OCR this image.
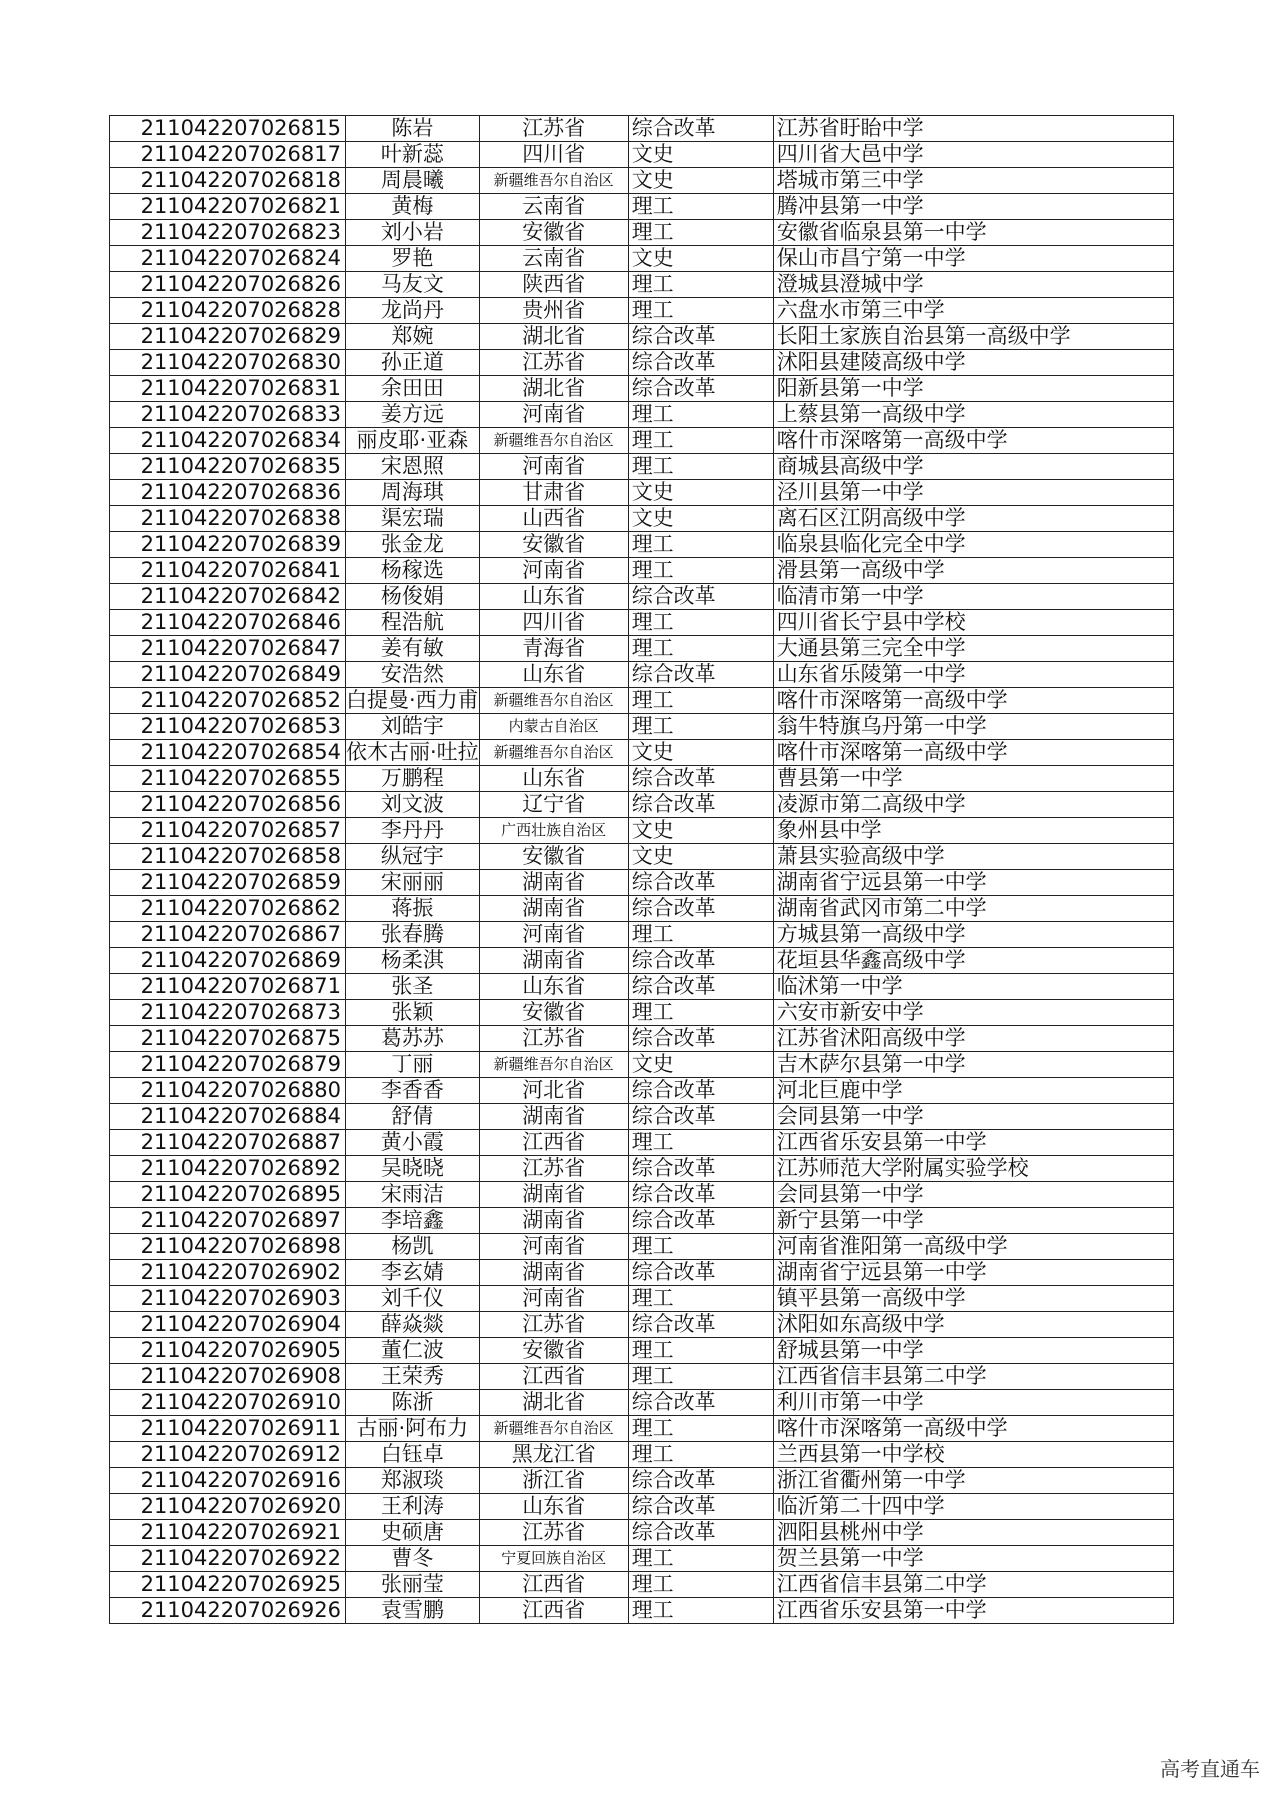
211042207026815	陈岩	江苏省	综合改革	江苏省盱眙中学
211042207026817	叶新蕊	四川省	文史	四川省大邑中学
211042207026818	周晨曦	新疆维吾尔自治区	文史	塔城市第三中学
211042207026821	黄梅	云南省	理工	腾冲县第一中学
211042207026823	刘小岩	安徽省	理工	安徽省临泉县第一中学
211042207026824	罗艳	云南省	文史	保山市昌宁第一中学
211042207026826	马友文	陕西省	理工	澄城县澄城中学
211042207026828	龙尚丹	贵州省	理工	六盘水市第三中学
211042207026829	郑婉	湖北省	综合改革	长阳土家族自治县第一高级中学
211042207026830	孙正道	江苏省	综合改革	沭阳县建陵高级中学
211042207026831	余田田	湖北省	综合改革	阳新县第一中学
211042207026833	姜方远	河南省	理工	上蔡县第一高级中学
211042207026834	丽皮耶·亚森	新疆维吾尔自治区	理工	喀什市深喀第一高级中学
211042207026835	宋恩照	河南省	理工	商城县高级中学
211042207026836	周海琪	甘肃省	文史	泾川县第一中学
211042207026838	渠宏瑞	山西省	文史	离石区江阴高级中学
211042207026839	张金龙	安徽省	理工	临泉县临化完全中学
211042207026841	杨稼选	河南省	理工	滑县第一高级中学
211042207026842	杨俊娟	山东省	综合改革	临清市第一中学
211042207026846	程浩航	四川省	理工	四川省长宁县中学校
211042207026847	姜有敏	青海省	理工	大通县第三完全中学
211042207026849	安浩然	山东省	综合改革	山东省乐陵第一中学
211042207026852	白提曼·西力甫	新疆维吾尔自治区	理工	喀什市深喀第一高级中学
211042207026853	刘皓宇	内蒙古自治区	理工	翁牛特旗乌丹第一中学
211042207026854	依木古丽·吐拉	新疆维吾尔自治区	文史	喀什市深喀第一高级中学
211042207026855	万鹏程	山东省	综合改革	曹县第一中学
211042207026856	刘文波	辽宁省	综合改革	凌源市第二高级中学
211042207026857	李丹丹	广西壮族自治区	文史	象州县中学
211042207026858	纵冠宇	安徽省	文史	萧县实验高级中学
211042207026859	宋丽丽	湖南省	综合改革	湖南省宁远县第一中学
211042207026862	蒋振	湖南省	综合改革	湖南省武冈市第二中学
211042207026867	张春腾	河南省	理工	方城县第一高级中学
211042207026869	杨柔淇	湖南省	综合改革	花垣县华鑫高级中学
211042207026871	张圣	山东省	综合改革	临沭第一中学
211042207026873	张颖	安徽省	理工	六安市新安中学
211042207026875	葛苏苏	江苏省	综合改革	江苏省沭阳高级中学
211042207026879	丁丽	新疆维吾尔自治区	文史	吉木萨尔县第一中学
211042207026880	李香香	河北省	综合改革	河北巨鹿中学
211042207026884	舒倩	湖南省	综合改革	会同县第一中学
211042207026887	黄小霞	江西省	理工	江西省乐安县第一中学
211042207026892	吴晓晓	江苏省	综合改革	江苏师范大学附属实验学校
211042207026895	宋雨洁	湖南省	综合改革	会同县第一中学
211042207026897	李培鑫	湖南省	综合改革	新宁县第一中学
211042207026898	杨凯	河南省	理工	河南省淮阳第一高级中学
211042207026902	李玄婧	湖南省	综合改革	湖南省宁远县第一中学
211042207026903	刘千仪	河南省	理工	镇平县第一高级中学
211042207026904	薛焱燚	江苏省	综合改革	沭阳如东高级中学
211042207026905	董仁波	安徽省	理工	舒城县第一中学
211042207026908	王荣秀	江西省	理工	江西省信丰县第二中学
211042207026910	陈浙	湖北省	综合改革	利川市第一中学
211042207026911	古丽·阿布力	新疆维吾尔自治区	理工	喀什市深喀第一高级中学
211042207026912	白钰卓	黑龙江省	理工	兰西县第一中学校
211042207026916	郑淑琰	浙江省	综合改革	浙江省衢州第一中学
211042207026920	王利涛	山东省	综合改革	临沂第二十四中学
211042207026921	史硕唐	江苏省	综合改革	泗阳县桃州中学
211042207026922	曹冬	宁夏回族自治区	理工	贺兰县第一中学
211042207026925	张丽莹	江西省	理工	江西省信丰县第二中学
211042207026926	袁雪鹏	江西省	理工	江西省乐安县第一中学
高考直通车
